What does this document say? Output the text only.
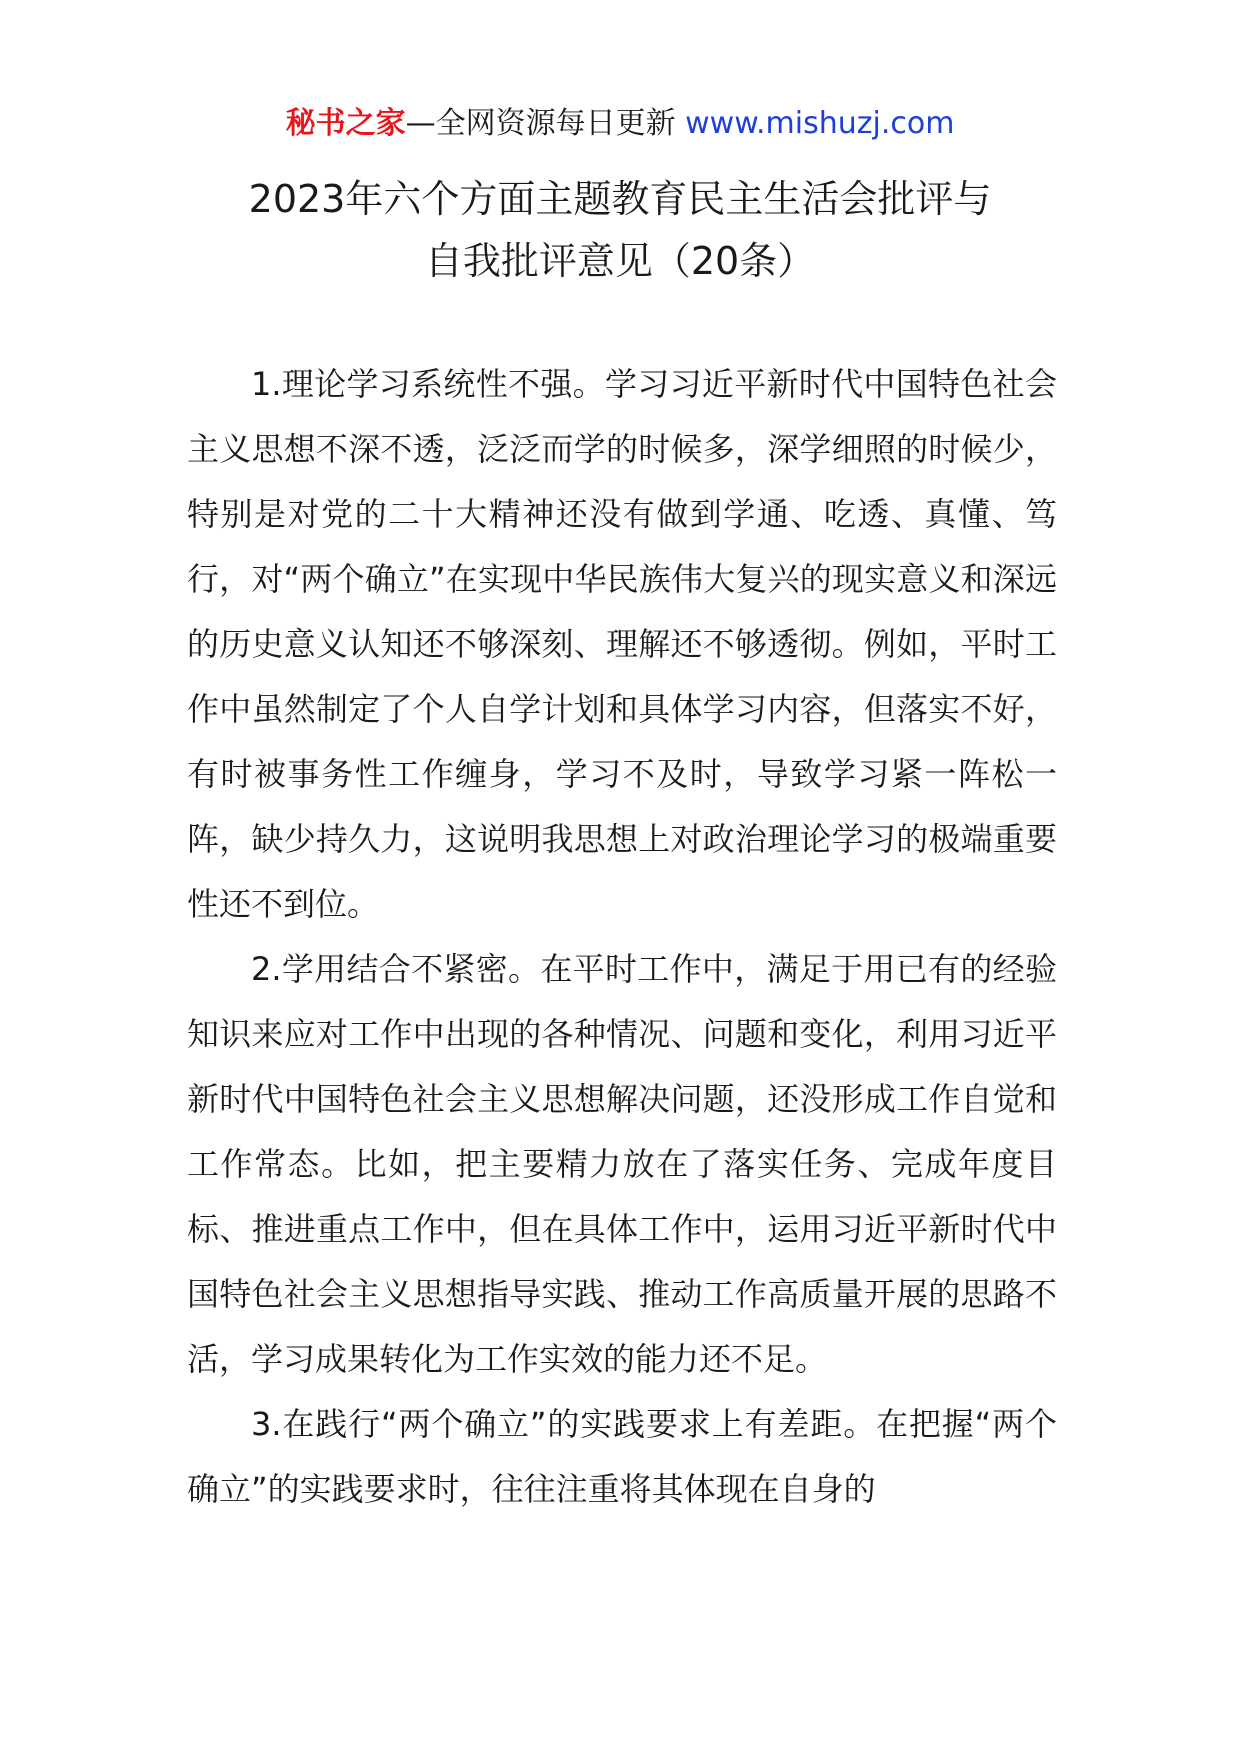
秘书之家—全网资源每日更新 www.mishuzj.com
2023年六个方面主题教育民主生活会批评与
自我批评意见（20条）

1.理论学习系统性不强。学习习近平新时代中国特色社会主义思想不深不透，泛泛而学的时候多，深学细照的时候少，特别是对党的二十大精神还没有做到学通、吃透、真懂、笃行，对“两个确立”在实现中华民族伟大复兴的现实意义和深远的历史意义认知还不够深刻、理解还不够透彻。例如，平时工作中虽然制定了个人自学计划和具体学习内容，但落实不好，有时被事务性工作缠身，学习不及时，导致学习紧一阵松一阵，缺少持久力，这说明我思想上对政治理论学习的极端重要性还不到位。

2.学用结合不紧密。在平时工作中，满足于用已有的经验知识来应对工作中出现的各种情况、问题和变化，利用习近平新时代中国特色社会主义思想解决问题，还没形成工作自觉和工作常态。比如，把主要精力放在了落实任务、完成年度目标、推进重点工作中，但在具体工作中，运用习近平新时代中国特色社会主义思想指导实践、推动工作高质量开展的思路不活，学习成果转化为工作实效的能力还不足。

3.在践行“两个确立”的实践要求上有差距。在把握“两个确立”的实践要求时，往往注重将其体现在自身的
